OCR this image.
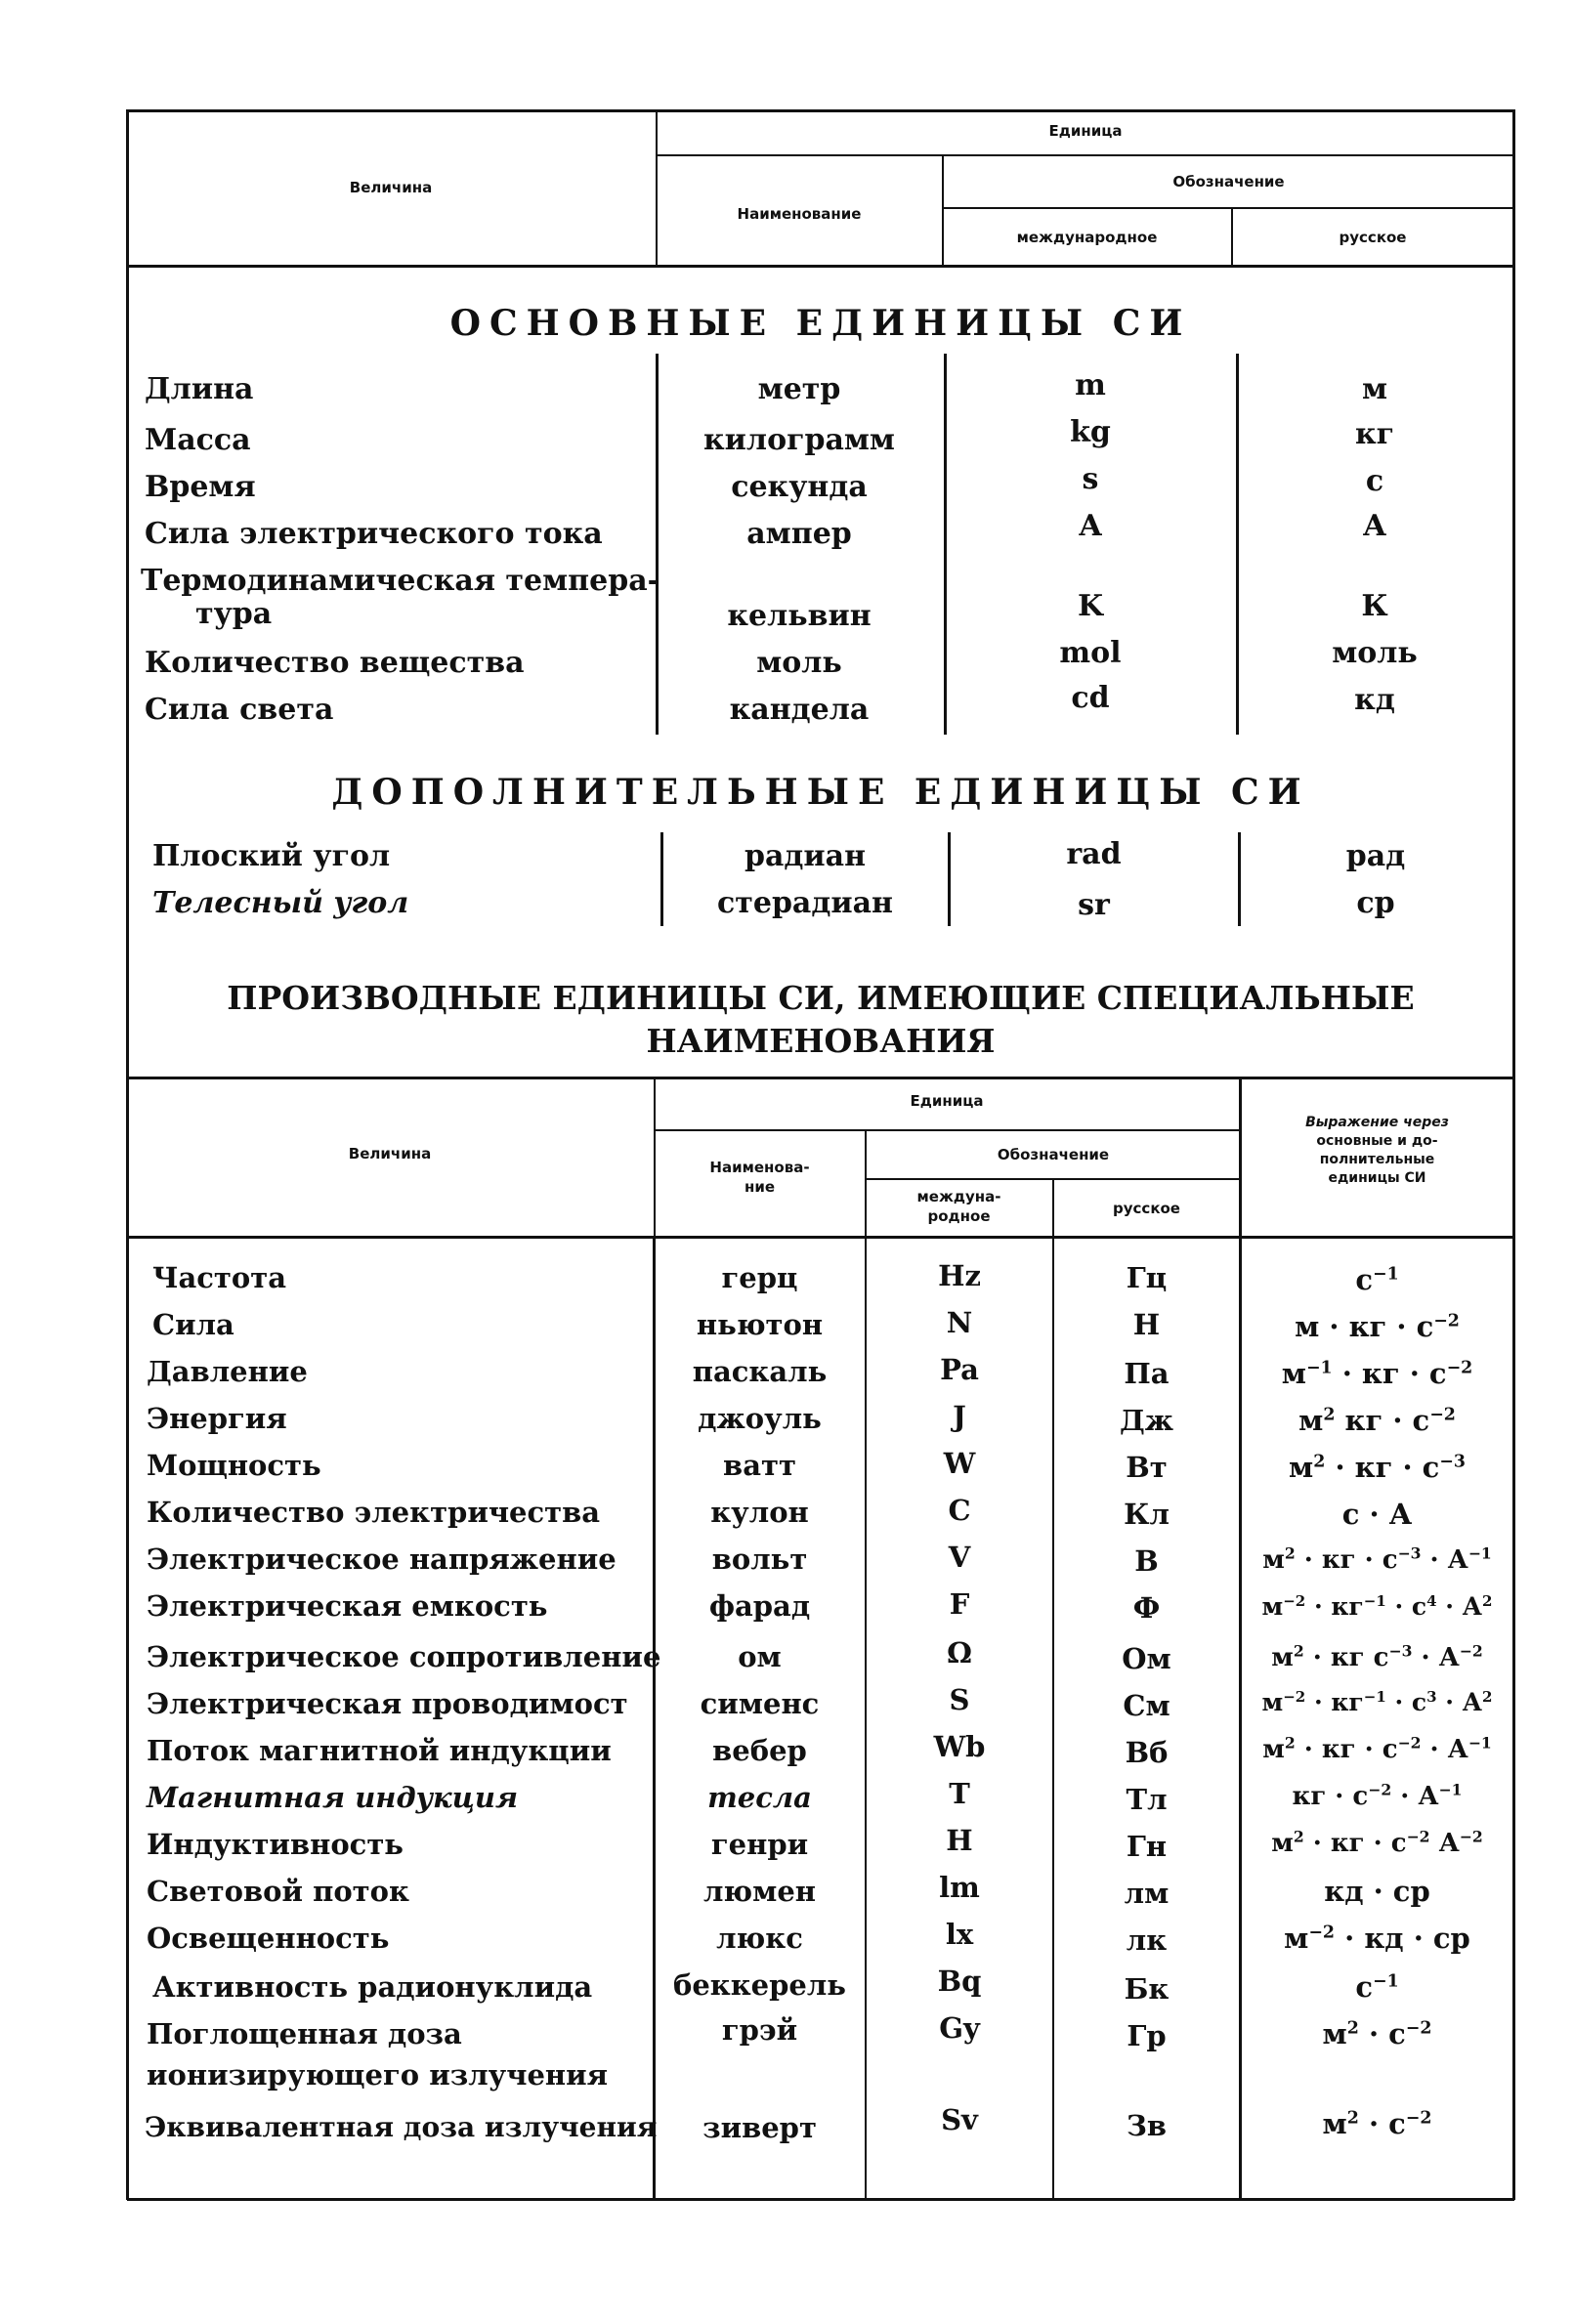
Величина
Единица
Наименование
Обозначение
международное	русское
ОСНОВНЫЕ ЕДИНИЦЫ СИ
Длина	метр	m	м
Масса	килограмм	kg	кг
Время	секунда	s	с
Сила электрического тока	ампер	A	А
Термодинамическая темпера-
тура	кельвин	K	К
Количество вещества	моль	mol	моль
Сила света	кандела	cd	кд
ДОПОЛНИТЕЛЬНЫЕ ЕДИНИЦЫ СИ
Плоский угол	радиан	rad	рад
Телесный угол	стерадиан	sr	ср
ПРОИЗВОДНЫЕ ЕДИНИЦЫ СИ, ИМЕЮЩИЕ СПЕЦИАЛЬНЫЕ
НАИМЕНОВАНИЯ
Величина
Единица
Наименова-
ние
Обозначение
междуна-
родное	русское
Выражение через
основные и до-
полнительные
единицы СИ
Частота	герц	Hz	Гц	$с^{-1}$
Сила	ньютон	N	Н	м · кг · $с^{-2}$
Давление	паскаль	Pa	Па	$м^{-1}$ · кг · $с^{-2}$
Энергия	джоуль	J	Дж	$м^2$ кг · $с^{-2}$
Мощность	ватт	W	Вт	$м^2$ · кг · $с^{-3}$
Количество электричества	кулон	C	Кл	с · А
Электрическое напряжение	вольт	V	В	$м^2$ · кг · $с^{-3} \cdot А^{-1}$
Электрическая емкость	фарад	F	Ф	$м^{-2} \cdot кг^{-1} \cdot с^4 \cdot А^2$
Электрическое сопротивление	ом	Ω	Ом	$м^2$ · кг $с^{-3} \cdot А^{-2}$
Электрическая проводимост	сименс	S	См	$м^{-2} \cdot кг^{-1} \cdot с^3 \cdot А^2$
Поток магнитной индукции	вебер	Wb	Вб	$м^2$ · кг · $с^{-2} \cdot А^{-1}$
Магнитная индукция	тесла	T	Тл	кг · $с^{-2} \cdot А^{-1}$
Индуктивность	генри	H	Гн	$м^2$ · кг · $с^{-2}$ $А^{-2}$
Световой поток	люмен	lm	лм	кд · ср
Освещенность	люкс	lx	лк	$м^{-2}$ · кд · ср
Активность радионуклида	беккерель	Bq	Бк	$с^{-1}$
Поглощенная доза
ионизирующего излучения
грэй	Gy	Гр	$м^2 \cdot с^{-2}$
Эквивалентная доза излучения	зиверт	Sv	Зв	$м^2 \cdot с^{-2}$
